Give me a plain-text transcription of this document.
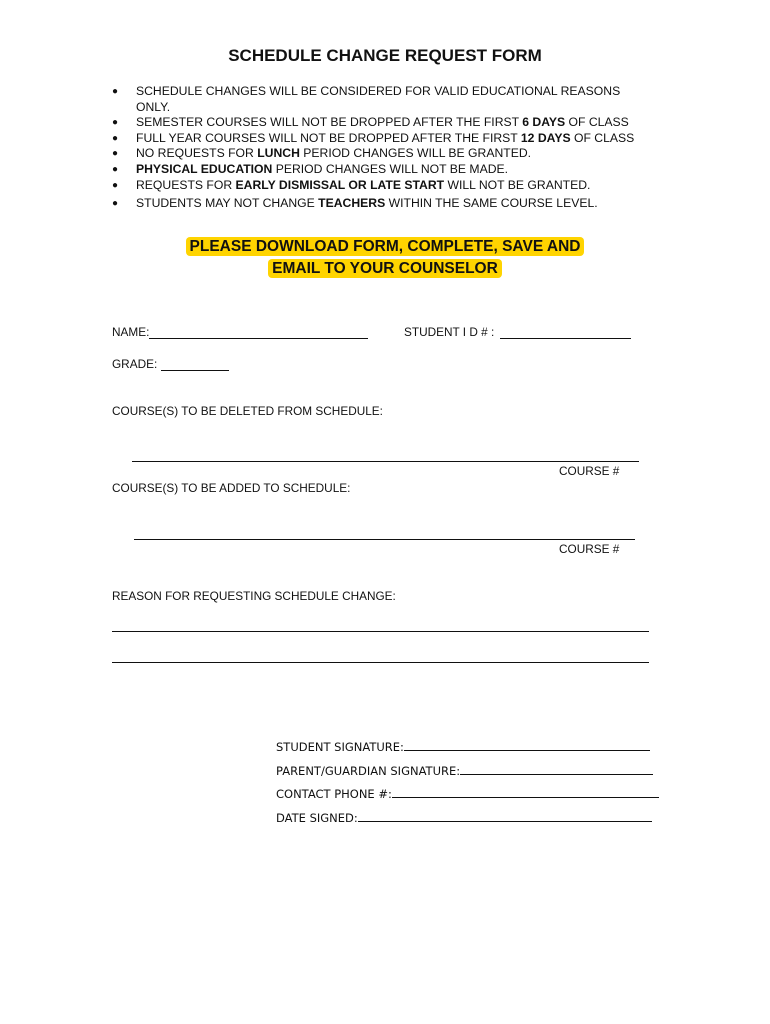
SCHEDULE CHANGE REQUEST FORM
● SCHEDULE CHANGES WILL BE CONSIDERED FOR VALID EDUCATIONAL REASONS
ONLY.
● SEMESTER COURSES WILL NOT BE DROPPED AFTER THE FIRST 6 DAYS OF CLASS
● FULL YEAR COURSES WILL NOT BE DROPPED AFTER THE FIRST 12 DAYS OF CLASS
● NO REQUESTS FOR LUNCH PERIOD CHANGES WILL BE GRANTED.
● PHYSICAL EDUCATION PERIOD CHANGES WILL NOT BE MADE.
● REQUESTS FOR EARLY DISMISSAL OR LATE START WILL NOT BE GRANTED.
● STUDENTS MAY NOT CHANGE TEACHERS WITHIN THE SAME COURSE LEVEL.
PLEASE DOWNLOAD FORM, COMPLETE, SAVE AND
EMAIL TO YOUR COUNSELOR
NAME:	STUDENT I D # :
GRADE:
COURSE(S) TO BE DELETED FROM SCHEDULE:
COURSE #
COURSE(S) TO BE ADDED TO SCHEDULE:
COURSE #
REASON FOR REQUESTING SCHEDULE CHANGE:
STUDENT SIGNATURE:
PARENT/GUARDIAN SIGNATURE:
CONTACT PHONE #:
DATE SIGNED:
